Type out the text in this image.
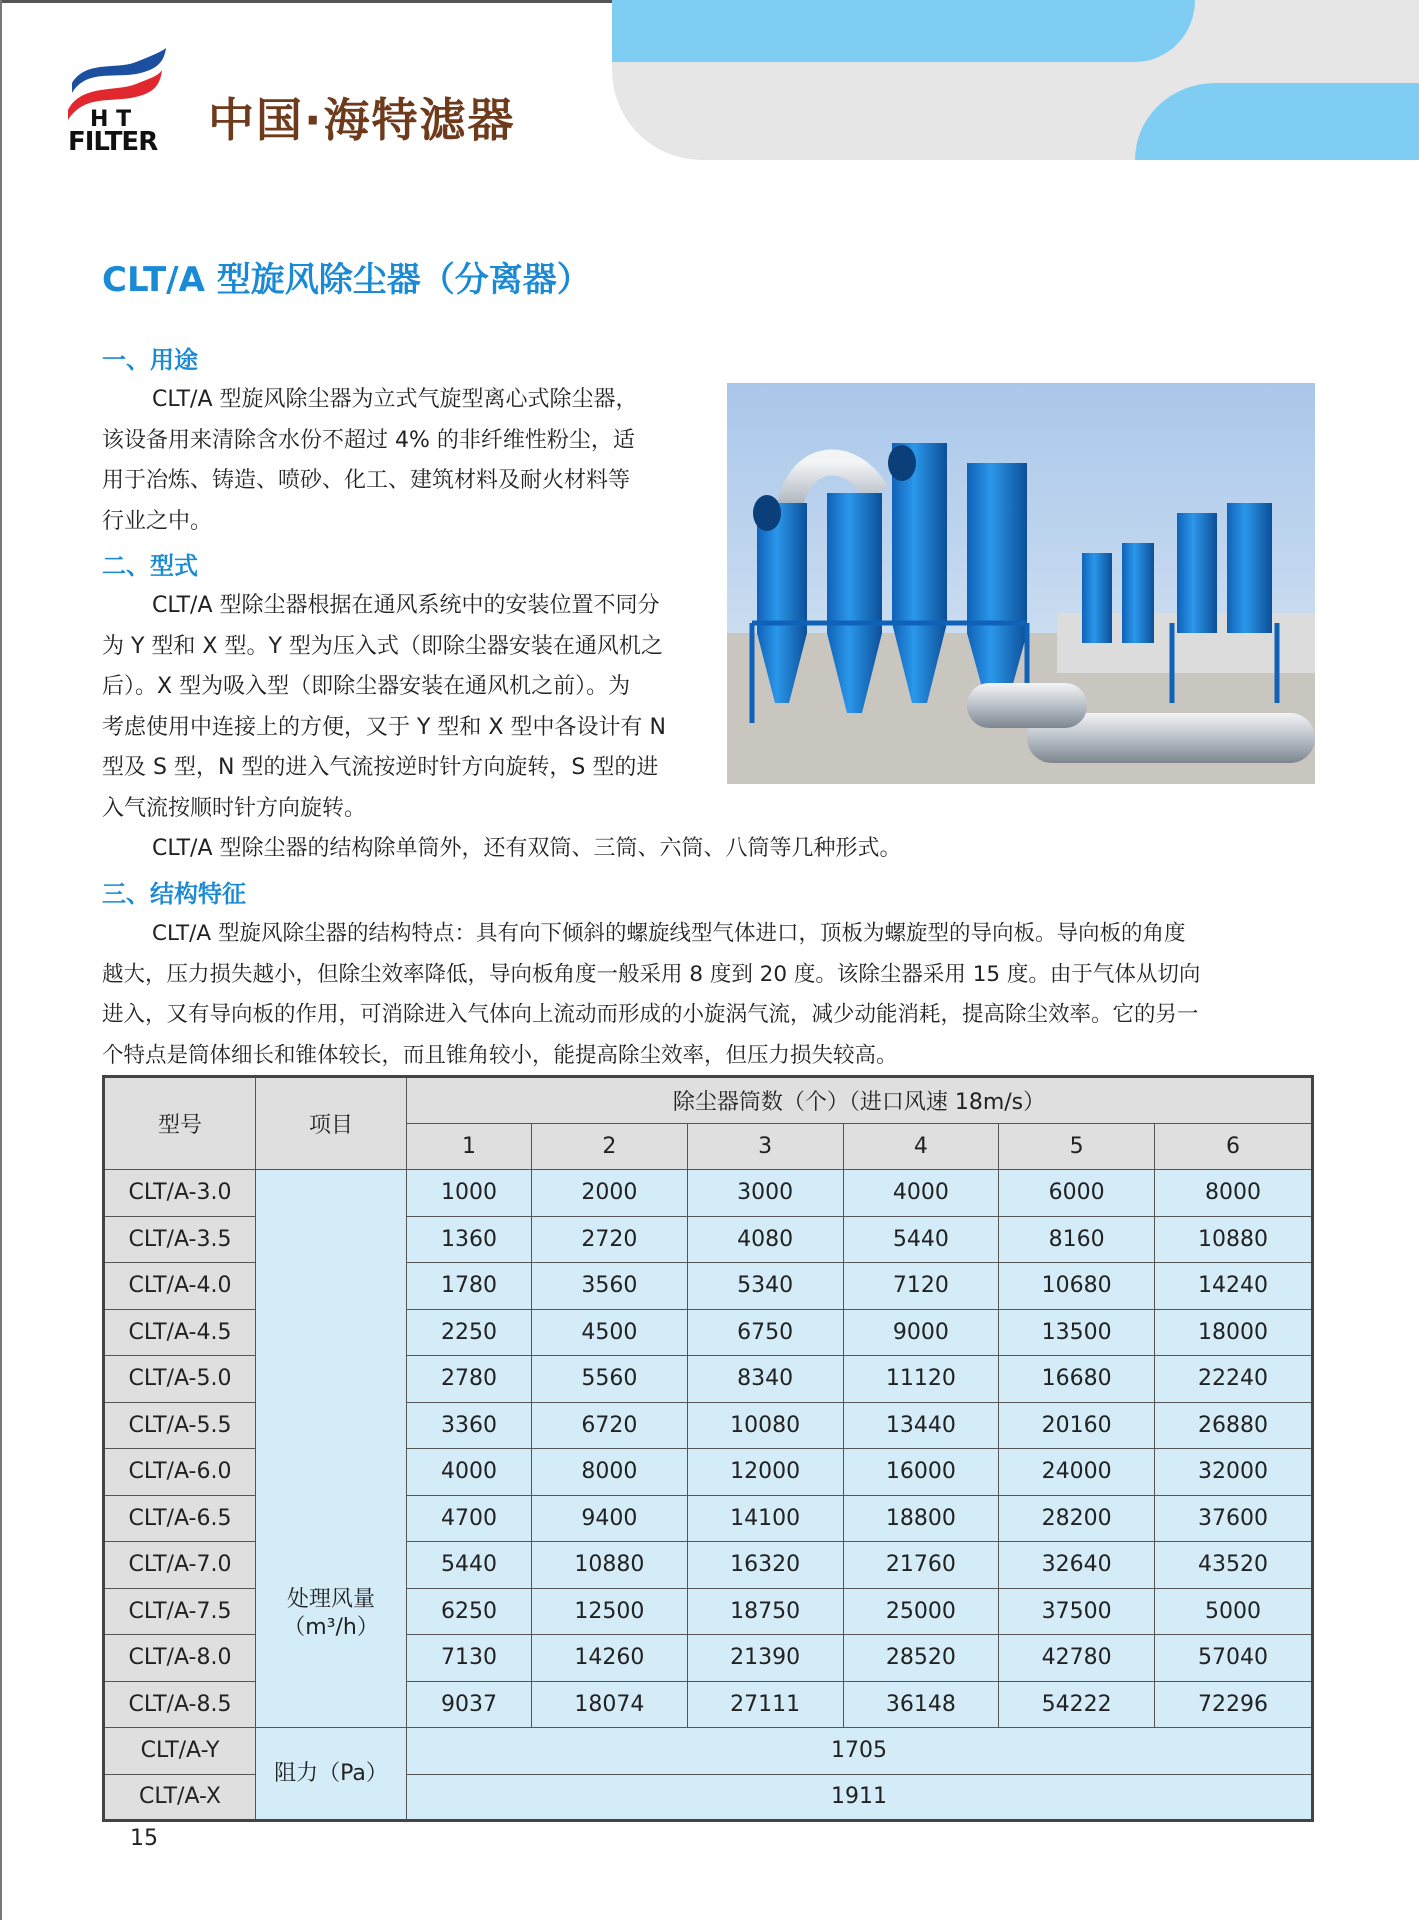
H T
FILTER 中国·海特滤器
CLT/A 型旋风除尘器（分离器）
一、用途
CLT/A 型旋风除尘器为立式气旋型离心式除尘器，
该设备用来清除含水份不超过 4% 的非纤维性粉尘，适
用于冶炼、铸造、喷砂、化工、建筑材料及耐火材料等
行业之中。
二、型式
CLT/A 型除尘器根据在通风系统中的安装位置不同分
为 Y 型和 X 型。Y 型为压入式（即除尘器安装在通风机之
后）。X 型为吸入型（即除尘器安装在通风机之前）。为
考虑使用中连接上的方便，又于 Y 型和 X 型中各设计有 N
型及 S 型，N 型的进入气流按逆时针方向旋转，S 型的进
入气流按顺时针方向旋转。
CLT/A 型除尘器的结构除单筒外，还有双筒、三筒、六筒、八筒等几种形式。
三、结构特征
CLT/A 型旋风除尘器的结构特点：具有向下倾斜的螺旋线型气体进口，顶板为螺旋型的导向板。导向板的角度
越大，压力损失越小，但除尘效率降低，导向板角度一般采用 8 度到 20 度。该除尘器采用 15 度。由于气体从切向
进入，又有导向板的作用，可消除进入气体向上流动而形成的小旋涡气流，减少动能消耗，提高除尘效率。它的另一
个特点是筒体细长和锥体较长，而且锥角较小，能提高除尘效率，但压力损失较高。
型号	项目	除尘器筒数（个）（进口风速 18m/s）					
		1	2	3	4	5	6
CLT/A-3.0	处理风量
（m³/h）	1000	2000	3000	4000	6000	8000
CLT/A-3.5		1360	2720	4080	5440	8160	10880
CLT/A-4.0		1780	3560	5340	7120	10680	14240
CLT/A-4.5		2250	4500	6750	9000	13500	18000
CLT/A-5.0		2780	5560	8340	11120	16680	22240
CLT/A-5.5		3360	6720	10080	13440	20160	26880
CLT/A-6.0		4000	8000	12000	16000	24000	32000
CLT/A-6.5		4700	9400	14100	18800	28200	37600
CLT/A-7.0		5440	10880	16320	21760	32640	43520
CLT/A-7.5		6250	12500	18750	25000	37500	5000
CLT/A-8.0		7130	14260	21390	28520	42780	57040
CLT/A-8.5		9037	18074	27111	36148	54222	72296
CLT/A-Y	阻力（Pa）	1705					
CLT/A-X		1911					
15
